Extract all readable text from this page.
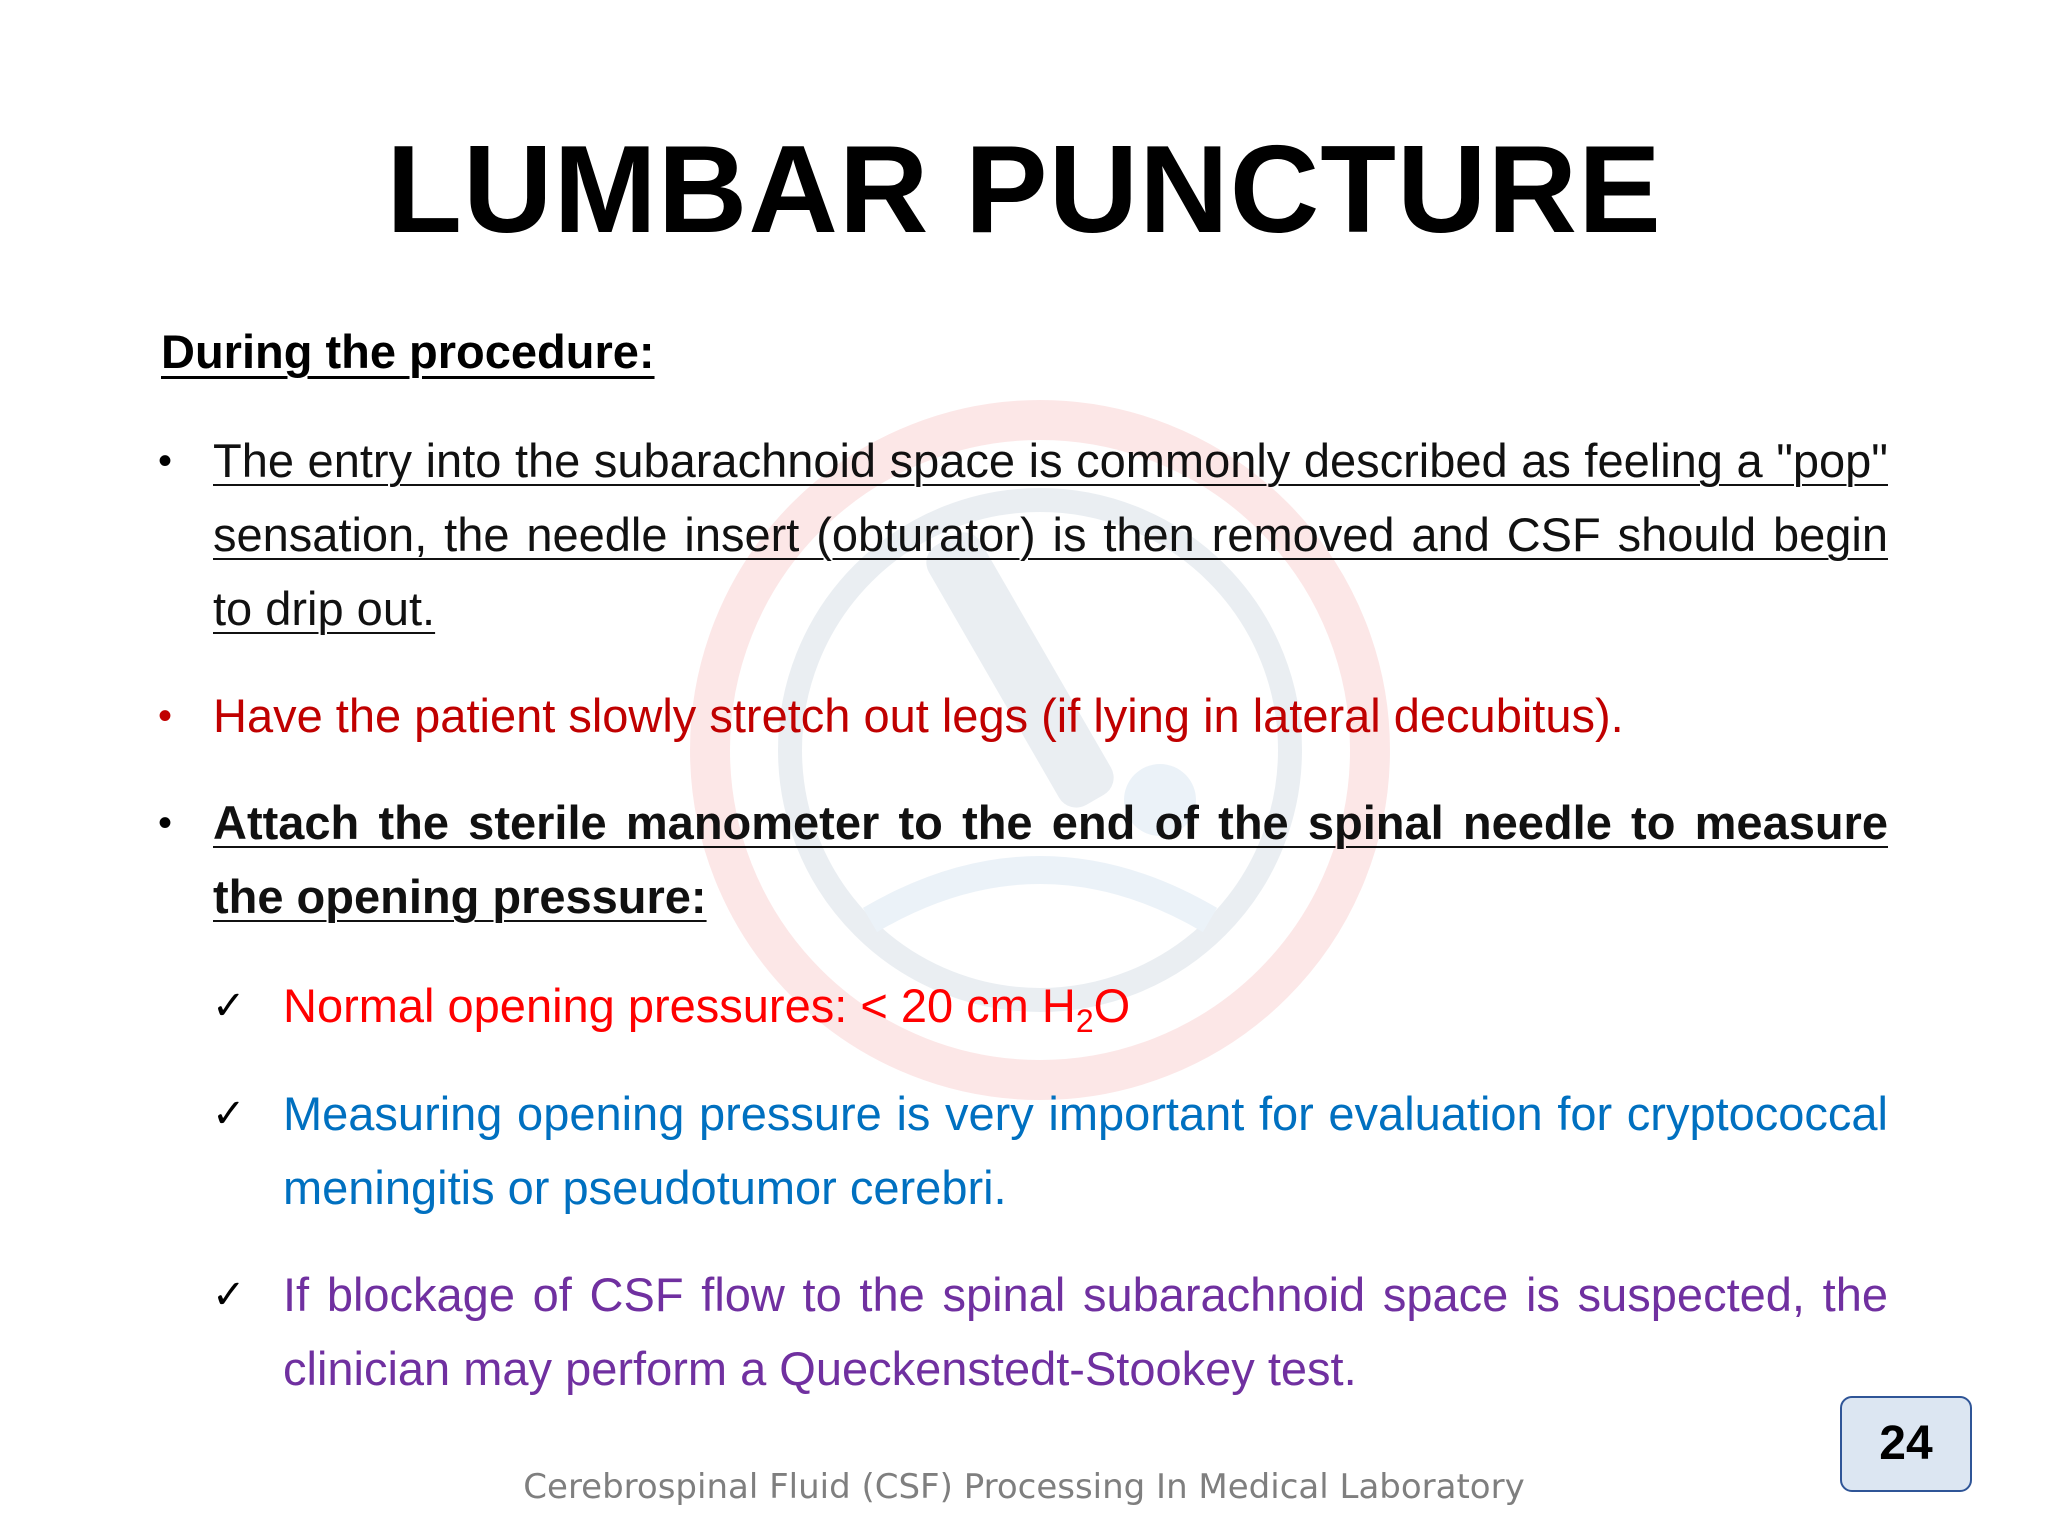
LUMBAR PUNCTURE

During the procedure:

• The entry into the subarachnoid space is commonly described as feeling a "pop" sensation, the needle insert (obturator) is then removed and CSF should begin to drip out.

• Have the patient slowly stretch out legs (if lying in lateral decubitus).

• Attach the sterile manometer to the end of the spinal needle to measure the opening pressure:

✓ Normal opening pressures: < 20 cm $H_2O$

✓ Measuring opening pressure is very important for evaluation for cryptococcal meningitis or pseudotumor cerebri.

✓ If blockage of CSF flow to the spinal subarachnoid space is suspected, the clinician may perform a Queckenstedt-Stookey test.

Cerebrospinal Fluid (CSF) Processing In Medical Laboratory
24
